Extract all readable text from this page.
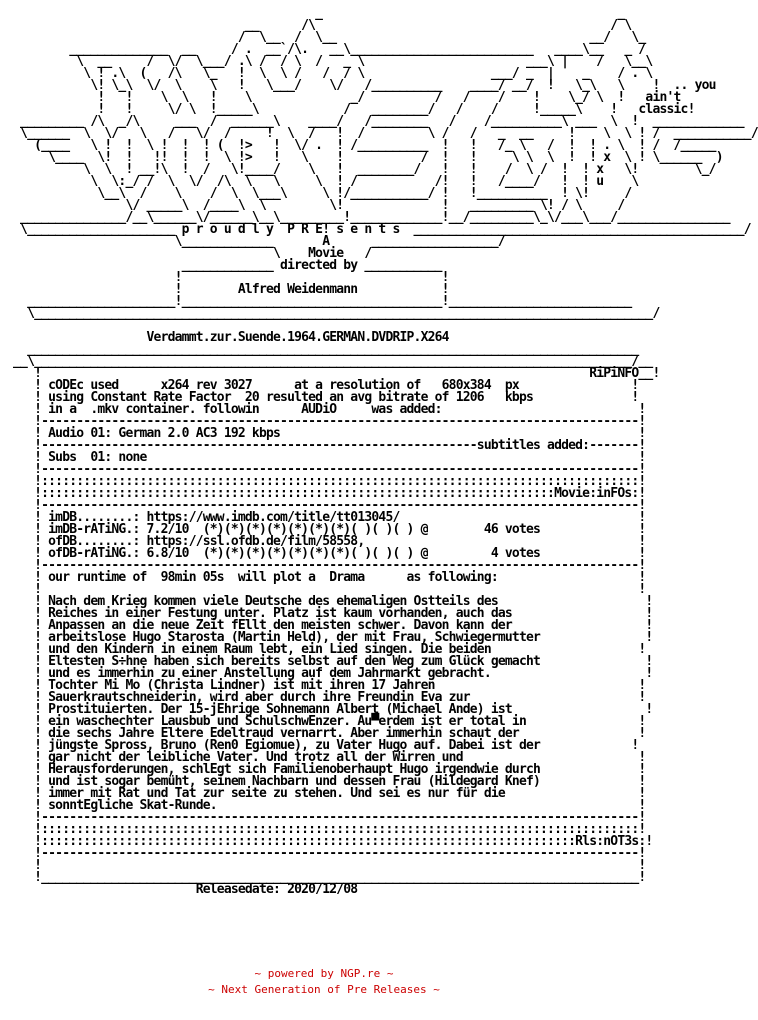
_                                          _
__      /\                                          / \
/  \__  /  \__                                    __/   \_
______________  __     / .  __`/\.   __\__________________________   ____\__   _ /
\  __     /  \/  \___/ .\ /  / \  /   _ \                       ___\ |    /   \__\
\ ! .\  (   /\   \_   !  \  \ /   /  / \                  ___/ _  |    _    / . \
\! \_\  \/  \    \   !   \___/    \/   /__________    ____/ __/  !   \_\   \    !  .. you
!   !    \  \   !    \              _/          /   /    /    !    \_/ \  !   ain't
!   !     \/ \  !_____\            /   ________/   /    /     !_____\    !   classic!
_________ /\  _/\     ___  /  ______\    ____/   /________   /    /__________\ ___  \  !  _____________
\______  \  \/   \   /   \/  /     !  \  /   !  /         \ /   /   _  __     !    \  \ ! /  ___________/
(____   \ !  !  \ !  !  ! (  !>   !  \/ .  ! /__________  !   !   /_ \   /  !  ! . \  ! /  /_____
\____  \!  !   !!  !  !  \ !>   !   \    !           /  !   !     \ \  \  !  ! x  \ ! \______  )
\  \  ! __!\  !  /   \!____/    \   !  ________/   !   !    /  \ /  !  ! x   \!        \_/
\  \:_/ /  \  \/  /\  \   \     \  ! /           /!   !   /____/   !  ! u    \
\__\  /    \    /  \  \___\     \ !/___________/ !   !__________  ! \!     /
\/ _____\  /____\  \         \!              !   _________ \! / \     /
_______________/__\______\/______\__\_________!_____________!__/_________\_\/___\___/________________
\_____________________ p r o u d l y  P R E! s e n t s  _______________________________________________/
\_____________       A      __________________/
\    Movie   /
_____________ directed by ___________
!                                     !
!        Alfred Weidenmann            !
_____________________!_____________________________________!__________________________
\________________________________________________________________________________________/

Verdammt.zur.Suende.1964.GERMAN.DVDRIP.X264
_______________________________________________________________________________________
__\_____________________________________________________________________________________/__
!                                                                              RiPiNFO__!
! cODEc used      x264 rev 3027      at a resolution of   680x384  px                !
! using Constant Rate Factor  20 resulted an avg bitrate of 1206   kbps              !
! in a  .mkv container. followin      AUDiO     was added:                            !
!-------------------------------------------------------------------------------------!
! Audio 01: German 2.0 AC3 192 kbps                                                   !
!--------------------------------------------------------------subtitles added:-------!
! Subs  01: none                                                                      !
!-------------------------------------------------------------------------------------!
!:::::::::::::::::::::::::::::::::::::::::::::::::::::::::::::::::::::::::::::::::::::!
!:::::::::::::::::::::::::::::::::::::::::::::::::::::::::::::::::::::::::Movie:inFOs:!
!-------------------------------------------------------------------------------------!
! imDB........: https://www.imdb.com/title/tt013045/                                  !
! imDB-rATiNG.: 7.2/10  (*)(*)(*)(*)(*)(*)(*)( )( )( ) @        46 votes              !
! ofDB........: https://ssl.ofdb.de/film/58558,                                       !
! ofDB-rATiNG.: 6.8/10  (*)(*)(*)(*)(*)(*)(*)( )( )( ) @         4 votes              !
!-------------------------------------------------------------------------------------!
! our runtime of  98min 05s  will plot a  Drama      as following:                    !
!                                                                                     !
! Nach dem Krieg kommen viele Deutsche des ehemaligen Ostteils des                     !
! Reiches in einer Festung unter. Platz ist kaum vorhanden, auch das                   !
! Anpassen an die neue Zeit fEllt den meisten schwer. Davon kann der                   !
! arbeitslose Hugo Starosta (Martin Held), der mit Frau, Schwiegermutter               !
! und den Kindern in einem Raum lebt, ein Lied singen. Die beiden                     !
! Eltesten S÷hne haben sich bereits selbst auf den Weg zum Glück gemacht               !
! und es immerhin zu einer Anstellung auf dem Jahrmarkt gebracht.                      !
! Tochter Mi Mo (Christa Lindner) ist mit ihren 17 Jahren                             !
! Sauerkrautschneiderin, wird aber durch ihre Freundin Eva zur                        !
! Prostituierten. Der 15-jEhrige Sohnemann Albert (Michael Ande) ist                   !
! ein waschechter Lausbub und SchulschwEnzer. Au▀erdem ist er total in                !
! die sechs Jahre Eltere Edeltraud vernarrt. Aber immerhin schaut der                 !
! jüngste Spross, Bruno (Ren0 Egiomue), zu Vater Hugo auf. Dabei ist der             !
! gar nicht der leibliche Vater. Und trotz all der Wirren und                         !
! Herausforderungen, schlEgt sich Familienoberhaupt Hugo irgendwie durch              !
! und ist sogar bemüht, seinem Nachbarn und dessen Frau (Hildegard Knef)              !
! immer mit Rat und Tat zur seite zu stehen. Und sei es nur für die                   !
! sonntEgliche Skat-Runde.                                                            !
!-------------------------------------------------------------------------------------!
!:::::::::::::::::::::::::::::::::::::::::::::::::::::::::::::::::::::::::::::::::::::!
!::::::::::::::::::::::::::::::::::::::::::::::::::::::::::::::::::::::::::::Rls:nOT3s:!
!-------------------------------------------------------------------------------------!
!                                                                                     !
!_____________________________________________________________________________________!
Releasedate: 2020/12/08
~ powered by NGP.re ~
~ Next Generation of Pre Releases ~
